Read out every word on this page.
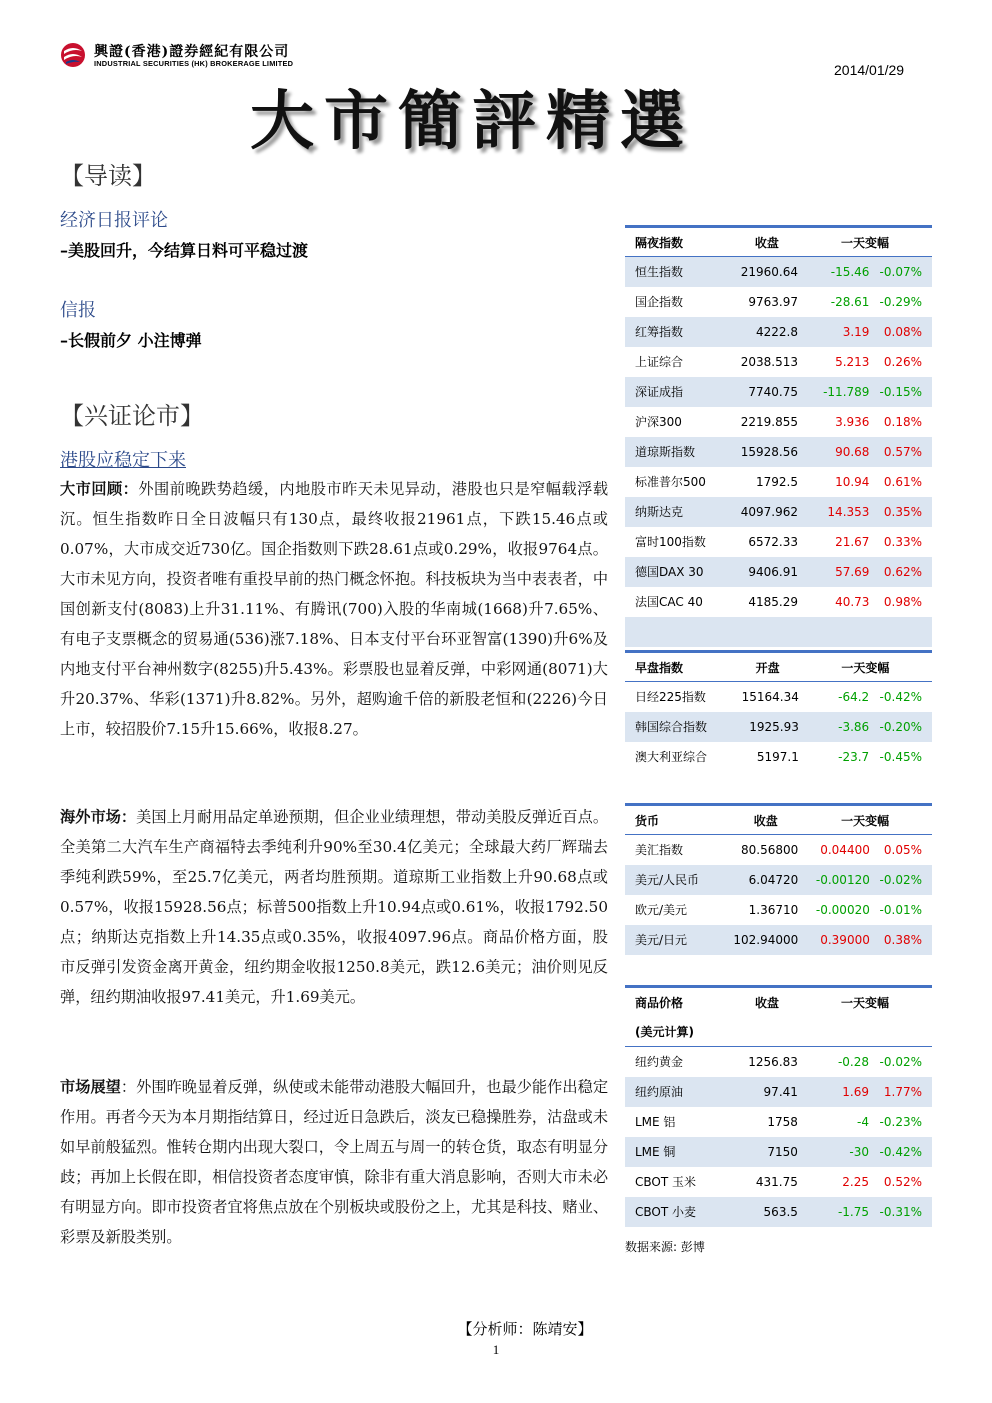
興證(香港)證券經紀有限公司
INDUSTRIAL SECURITIES (HK) BROKERAGE LIMITED	2014/01/29
大市簡評精選
【导读】
经济日报评论
–美股回升，今结算日料可平稳过渡
信报
–长假前夕 小注博弹
【兴证论市】
港股应稳定下来
大市回顾：外围前晚跌势趋缓，内地股市昨天未见异动，港股也只是窄幅载浮载沉。恒生指数昨日全日波幅只有130点，最终收报21961点，下跌15.46点或0.07%，大市成交近730亿。国企指数则下跌28.61点或0.29%，收报9764点。大市未见方向，投资者唯有重投早前的热门概念怀抱。科技板块为当中表表者，中国创新支付(8083)上升31.11%、有腾讯(700)入股的华南城(1668)升7.65%、有电子支票概念的贸易通(536)涨7.18%、日本支付平台环亚智富(1390)升6%及内地支付平台神州数字(8255)升5.43%。彩票股也显着反弹，中彩网通(8071)大升20.37%、华彩(1371)升8.82%。另外，超购逾千倍的新股老恒和(2226)今日上市，较招股价7.15升15.66%，收报8.27。
海外市场：美国上月耐用品定单逊预期，但企业业绩理想，带动美股反弹近百点。全美第二大汽车生产商福特去季纯利升90%至30.4亿美元；全球最大药厂辉瑞去季纯利跌59%，至25.7亿美元，两者均胜预期。道琼斯工业指数上升90.68点或0.57%，收报15928.56点；标普500指数上升10.94点或0.61%，收报1792.50点；纳斯达克指数上升14.35点或0.35%，收报4097.96点。商品价格方面，股市反弹引发资金离开黄金，纽约期金收报1250.8美元，跌12.6美元；油价则见反弹，纽约期油收报97.41美元，升1.69美元。
市场展望：外围昨晚显着反弹，纵使或未能带动港股大幅回升，也最少能作出稳定作用。再者今天为本月期指结算日，经过近日急跌后，淡友已稳操胜券，沽盘或未如早前般猛烈。惟转仓期内出现大裂口，令上周五与周一的转仓货，取态有明显分歧；再加上长假在即，相信投资者态度审慎，除非有重大消息影响，否则大市未必有明显方向。即市投资者宜将焦点放在个别板块或股份之上，尤其是科技、赌业、彩票及新股类别。
【分析师：陈靖安】
1
隔夜指数	收盘	一天变幅	
恒生指数	21960.64	-15.46	-0.07%
国企指数	9763.97	-28.61	-0.29%
红筹指数	4222.8	3.19	0.08%
上证综合	2038.513	5.213	0.26%
深证成指	7740.75	-11.789	-0.15%
沪深300	2219.855	3.936	0.18%
道琼斯指数	15928.56	90.68	0.57%
标准普尔500	1792.5	10.94	0.61%
纳斯达克	4097.962	14.353	0.35%
富时100指数	6572.33	21.67	0.33%
德国DAX 30	9406.91	57.69	0.62%
法国CAC 40	4185.29	40.73	0.98%

早盘指数	开盘	一天变幅	
日经225指数	15164.34	-64.2	-0.42%
韩国综合指数	1925.93	-3.86	-0.20%
澳大利亚综合	5197.1	-23.7	-0.45%
货币	收盘	一天变幅	
美汇指数	80.56800	0.04400	0.05%
美元/人民币	6.04720	-0.00120	-0.02%
欧元/美元	1.36710	-0.00020	-0.01%
美元/日元	102.94000	0.39000	0.38%
商品价格	收盘	一天变幅	
(美元计算)			
纽约黄金	1256.83	-0.28	-0.02%
纽约原油	97.41	1.69	1.77%
LME 铝	1758	-4	-0.23%
LME 铜	7150	-30	-0.42%
CBOT 玉米	431.75	2.25	0.52%
CBOT 小麦	563.5	-1.75	-0.31%
数据来源: 彭博
